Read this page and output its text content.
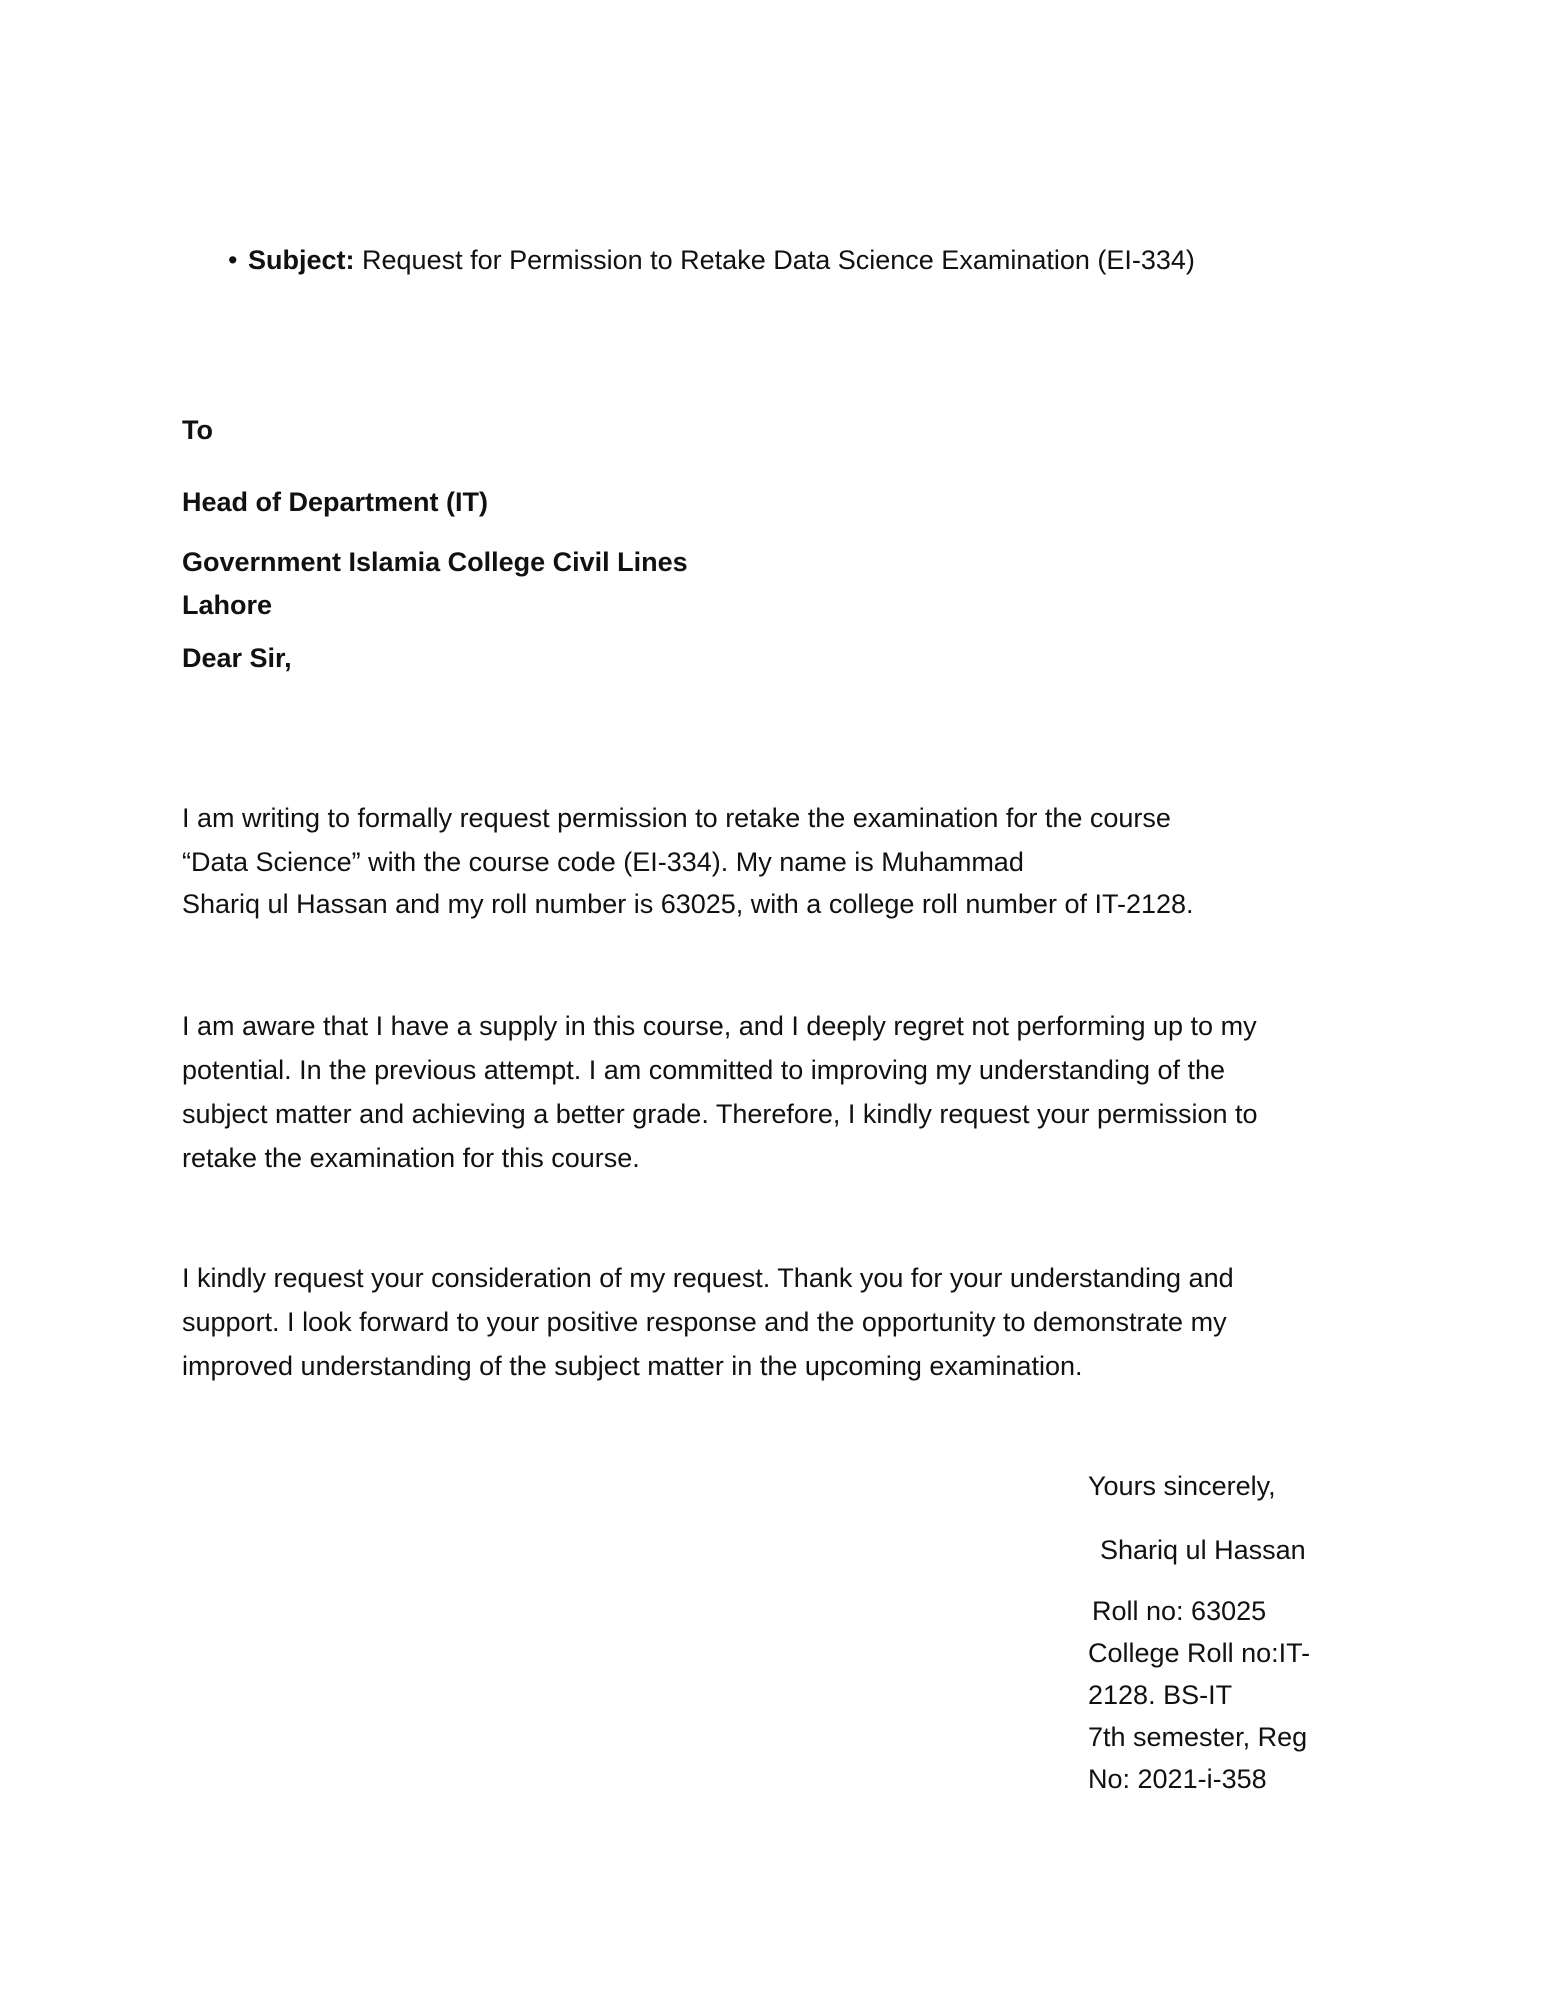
• Subject: Request for Permission to Retake Data Science Examination (EI-334)
To
Head of Department (IT)
Government Islamia College Civil Lines
Lahore
Dear Sir,
I am writing to formally request permission to retake the examination for the course
“Data Science” with the course code (EI-334). My name is Muhammad
Shariq ul Hassan and my roll number is 63025, with a college roll number of IT-2128.
I am aware that I have a supply in this course, and I deeply regret not performing up to my
potential. In the previous attempt. I am committed to improving my understanding of the
subject matter and achieving a better grade. Therefore, I kindly request your permission to
retake the examination for this course.
I kindly request your consideration of my request. Thank you for your understanding and
support. I look forward to your positive response and the opportunity to demonstrate my
improved understanding of the subject matter in the upcoming examination.
Yours sincerely,
Shariq ul Hassan
Roll no: 63025
College Roll no:IT-
2128. BS-IT
7th semester, Reg
No: 2021-i-358
